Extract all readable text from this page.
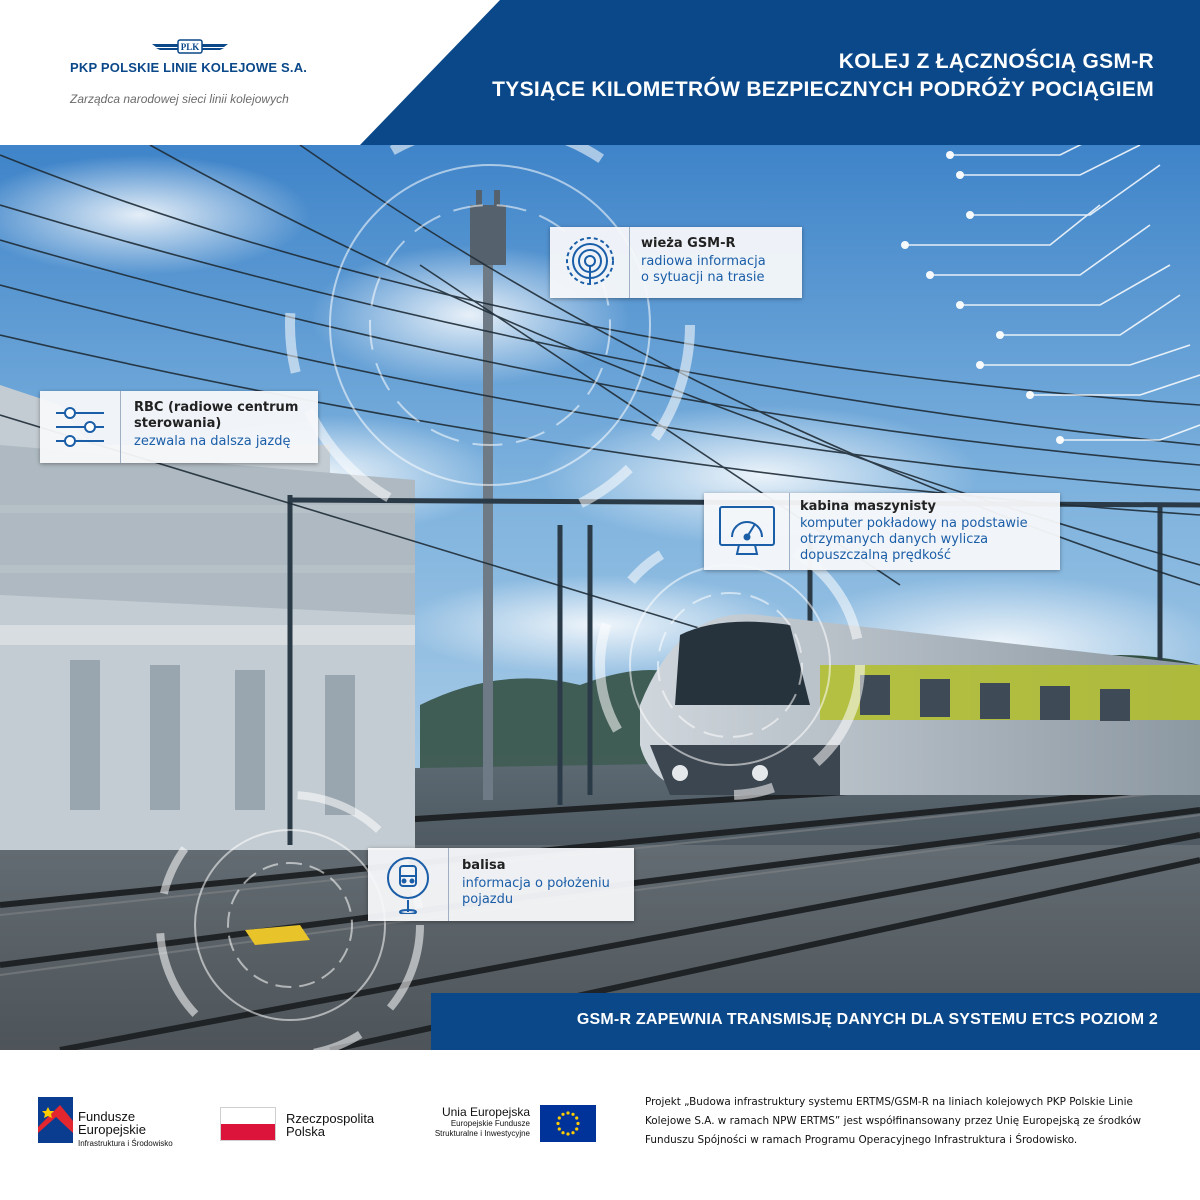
PLK
PKP POLSKIE LINIE KOLEJOWE S.A.
Zarządca narodowej sieci linii kolejowych
KOLEJ Z ŁĄCZNOŚCIĄ GSM-R
TYSIĄCE KILOMETRÓW BEZPIECZNYCH PODRÓŻY POCIĄGIEM
wieża GSM-R
radiowa informacja
o sytuacji na trasie
RBC (radiowe centrum sterowania)
zezwala na dalsza jazdę
kabina maszynisty
komputer pokładowy na podstawie
otrzymanych danych wylicza
dopuszczalną prędkość
balisa
informacja o położeniu
pojazdu
GSM-R ZAPEWNIA TRANSMISJĘ DANYCH DLA SYSTEMU ETCS POZIOM 2
Fundusze
Europejskie
Infrastruktura i Środowisko
Rzeczpospolita
Polska
Unia Europejska
Europejskie Fundusze
Strukturalne i Inwestycyjne
Projekt „Budowa infrastruktury systemu ERTMS/GSM-R na liniach kolejowych PKP Polskie Linie Kolejowe S.A. w ramach NPW ERTMS” jest współfinansowany przez Unię Europejską ze środków Funduszu Spójności w ramach Programu Operacyjnego Infrastruktura i Środowisko.
